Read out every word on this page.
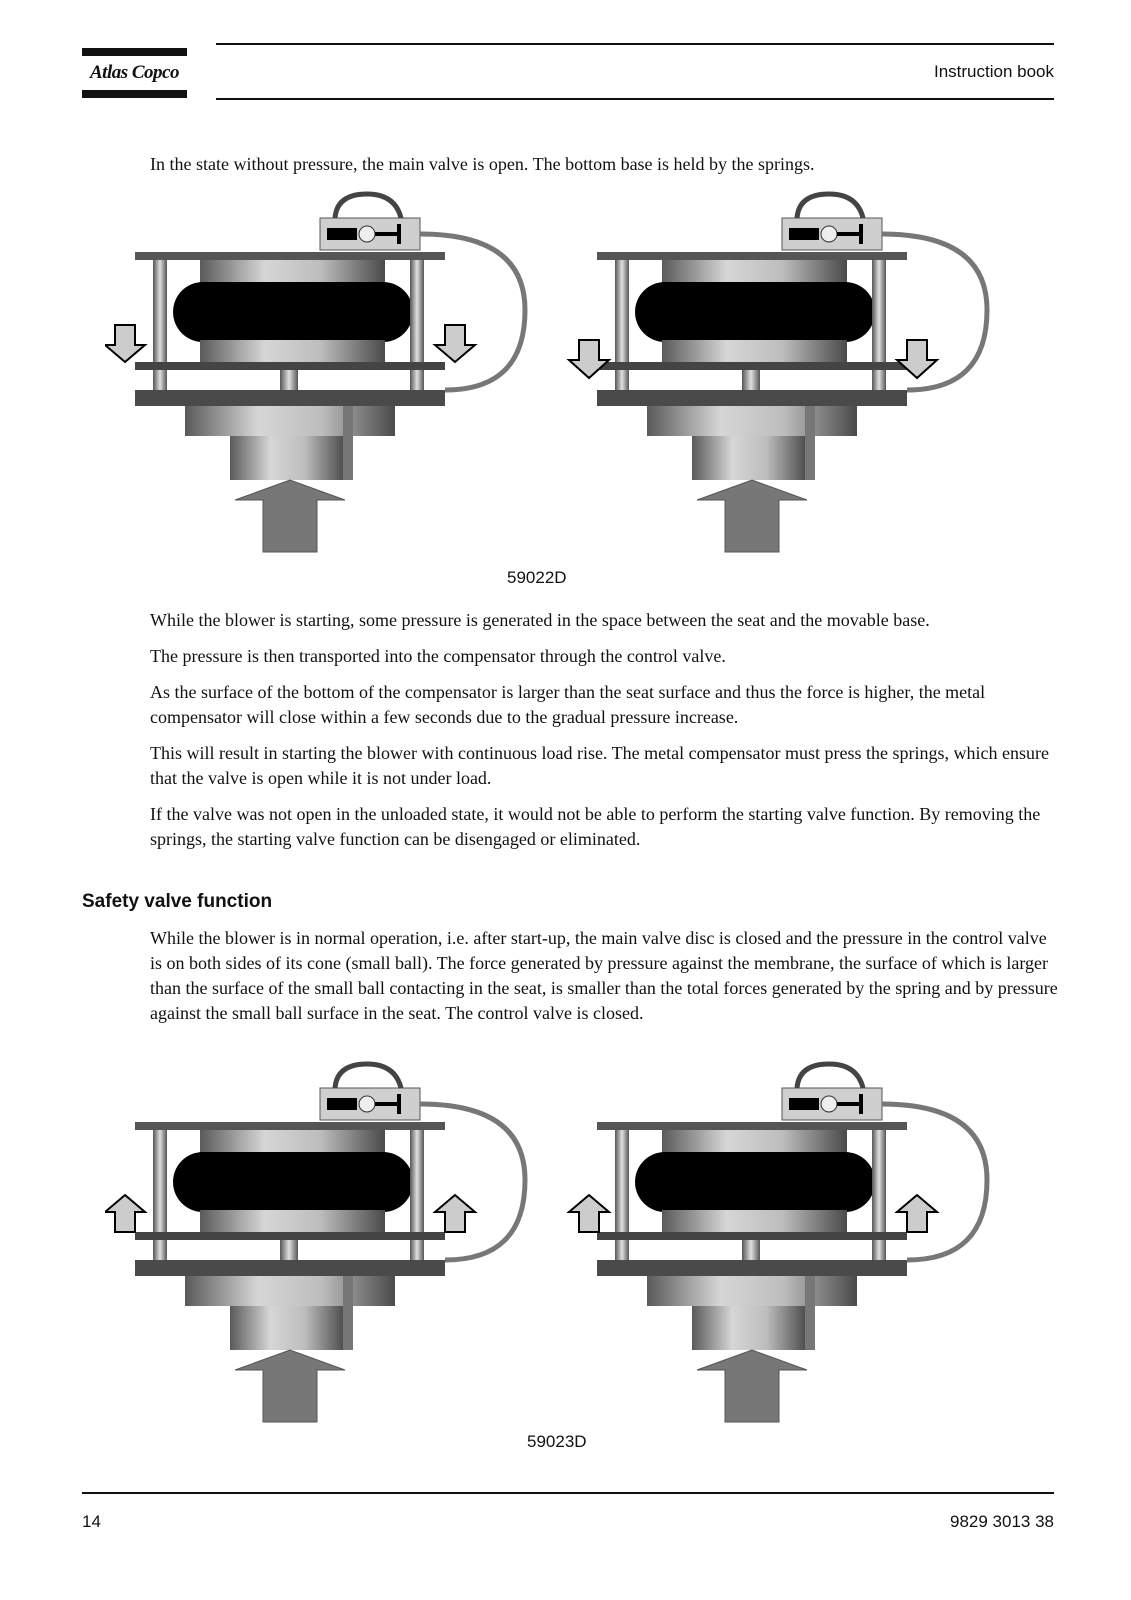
Atlas Copco	Instruction book

In the state without pressure, the main valve is open. The bottom base is held by the springs.

59022D

While the blower is starting, some pressure is generated in the space between the seat and the movable base.

The pressure is then transported into the compensator through the control valve.

As the surface of the bottom of the compensator is larger than the seat surface and thus the force is higher, the metal compensator will close within a few seconds due to the gradual pressure increase.

This will result in starting the blower with continuous load rise. The metal compensator must press the springs, which ensure that the valve is open while it is not under load.

If the valve was not open in the unloaded state, it would not be able to perform the starting valve function. By removing the springs, the starting valve function can be disengaged or eliminated.

Safety valve function

While the blower is in normal operation, i.e. after start-up, the main valve disc is closed and the pressure in the control valve is on both sides of its cone (small ball). The force generated by pressure against the membrane, the surface of which is larger than the surface of the small ball contacting in the seat, is smaller than the total forces generated by the spring and by pressure against the small ball surface in the seat. The control valve is closed.

59023D
14	9829 3013 38
